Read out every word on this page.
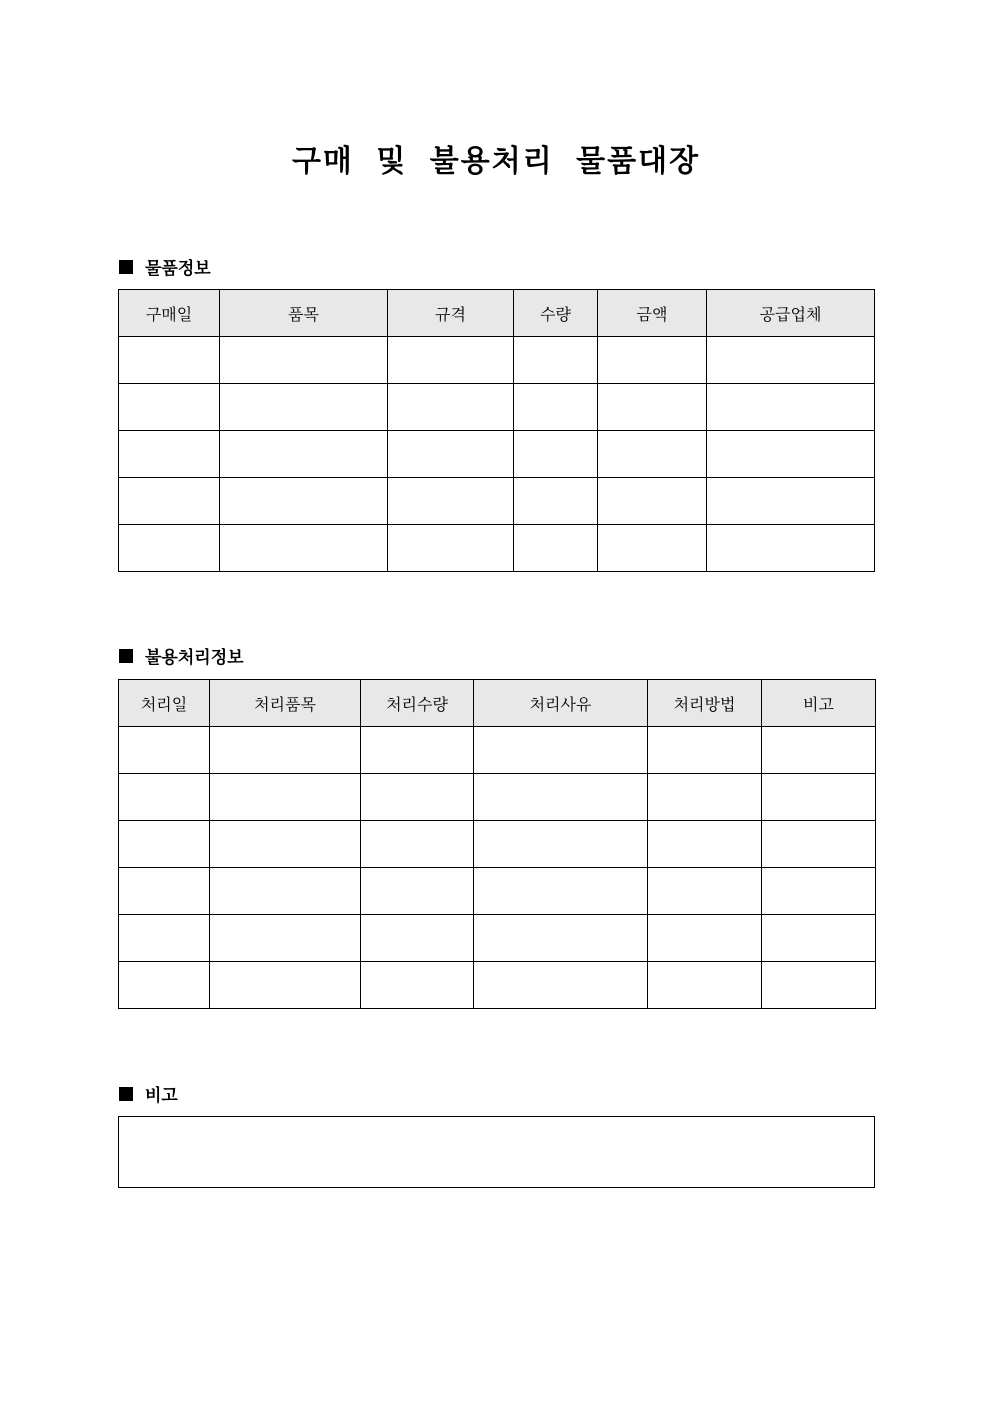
구매 및 불용처리 물품대장
물품정보
구매일	품목	규격	수량	금액	공급업체

불용처리정보
처리일	처리품목	처리수량	처리사유	처리방법	비고

비고
